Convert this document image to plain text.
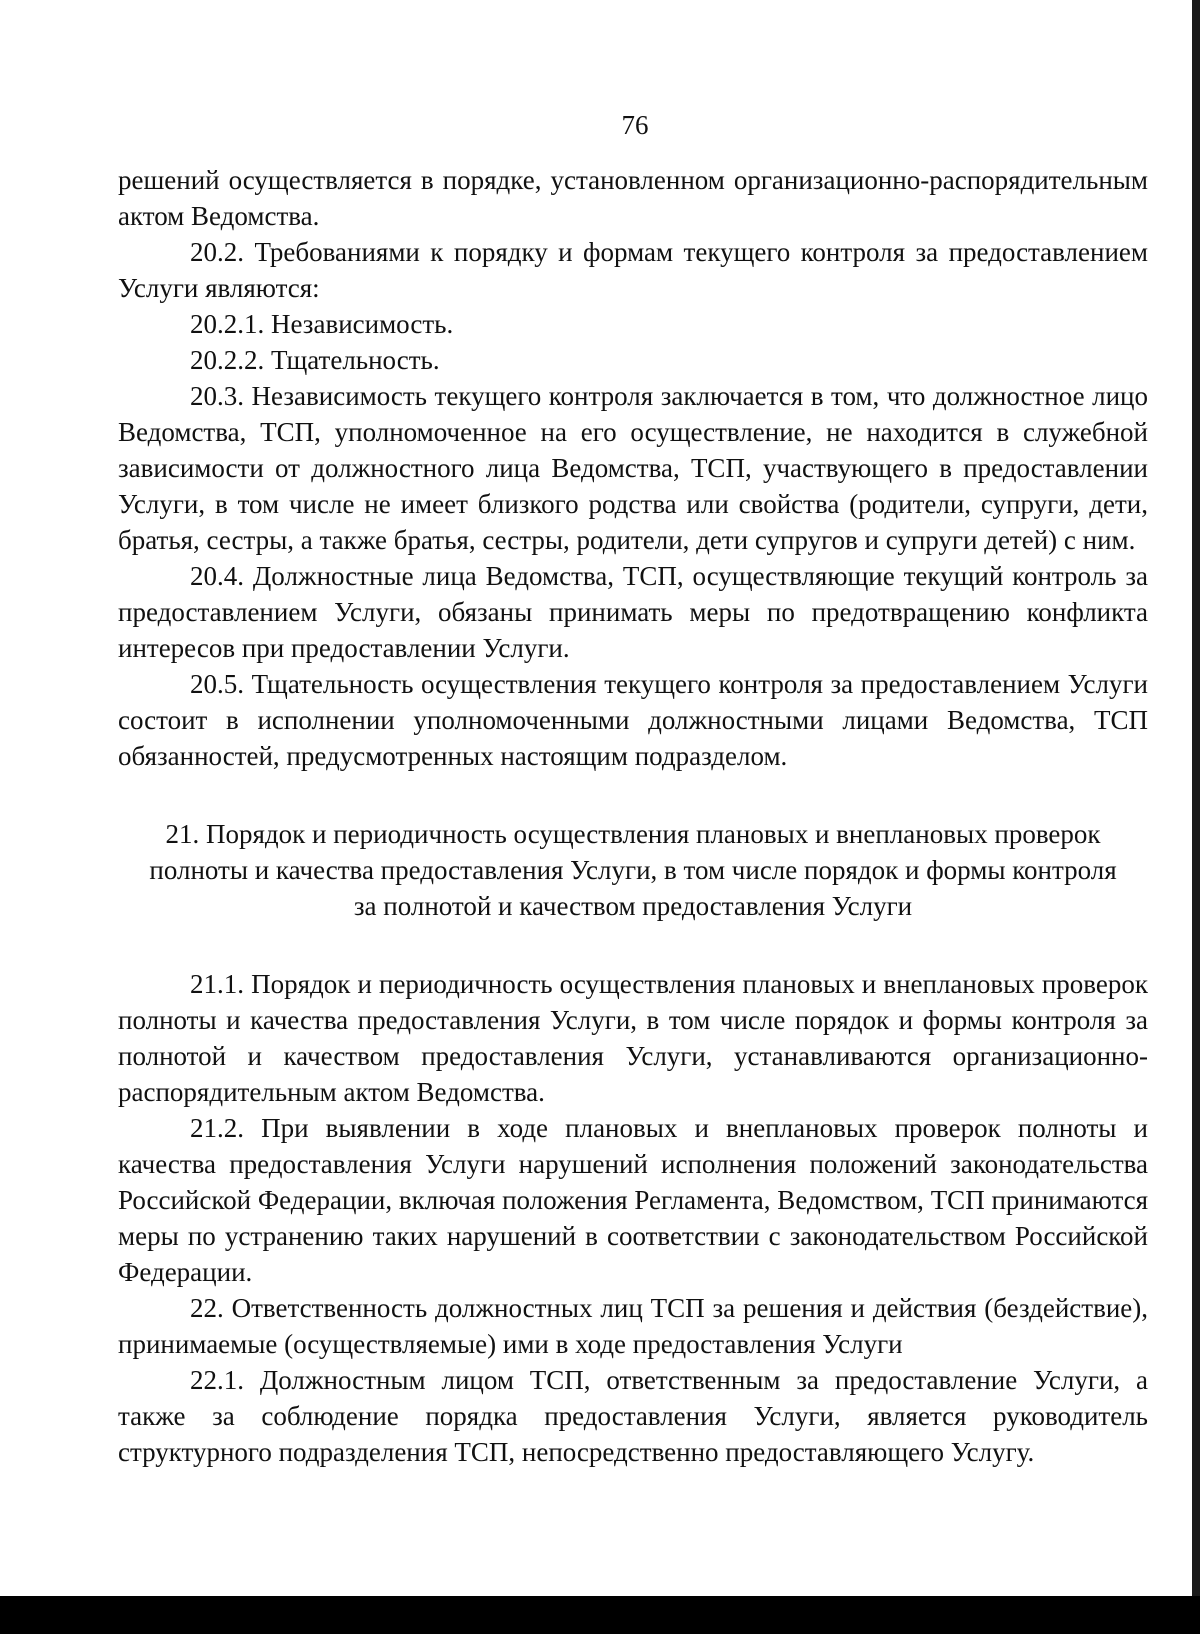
76

решений осуществляется в порядке, установленном организационно-распорядительным актом Ведомства.

20.2. Требованиями к порядку и формам текущего контроля за предоставлением Услуги являются:

20.2.1. Независимость.

20.2.2. Тщательность.

20.3. Независимость текущего контроля заключается в том, что должностное лицо Ведомства, ТСП, уполномоченное на его осуществление, не находится в служебной зависимости от должностного лица Ведомства, ТСП, участвующего в предоставлении Услуги, в том числе не имеет близкого родства или свойства (родители, супруги, дети, братья, сестры, а также братья, сестры, родители, дети супругов и супруги детей) с ним.

20.4. Должностные лица Ведомства, ТСП, осуществляющие текущий контроль за предоставлением Услуги, обязаны принимать меры по предотвращению конфликта интересов при предоставлении Услуги.

20.5. Тщательность осуществления текущего контроля за предоставлением Услуги состоит в исполнении уполномоченными должностными лицами Ведомства, ТСП обязанностей, предусмотренных настоящим подразделом.

21. Порядок и периодичность осуществления плановых и внеплановых проверок полноты и качества предоставления Услуги, в том числе порядок и формы контроля за полнотой и качеством предоставления Услуги

21.1. Порядок и периодичность осуществления плановых и внеплановых проверок полноты и качества предоставления Услуги, в том числе порядок и формы контроля за полнотой и качеством предоставления Услуги, устанавливаются организационно-распорядительным актом Ведомства.

21.2. При выявлении в ходе плановых и внеплановых проверок полноты и качества предоставления Услуги нарушений исполнения положений законодательства Российской Федерации, включая положения Регламента, Ведомством, ТСП принимаются меры по устранению таких нарушений в соответствии с законодательством Российской Федерации.

22. Ответственность должностных лиц ТСП за решения и действия (бездействие), принимаемые (осуществляемые) ими в ходе предоставления Услуги

22.1. Должностным лицом ТСП, ответственным за предоставление Услуги, а также за соблюдение порядка предоставления Услуги, является руководитель структурного подразделения ТСП, непосредственно предоставляющего Услугу.
